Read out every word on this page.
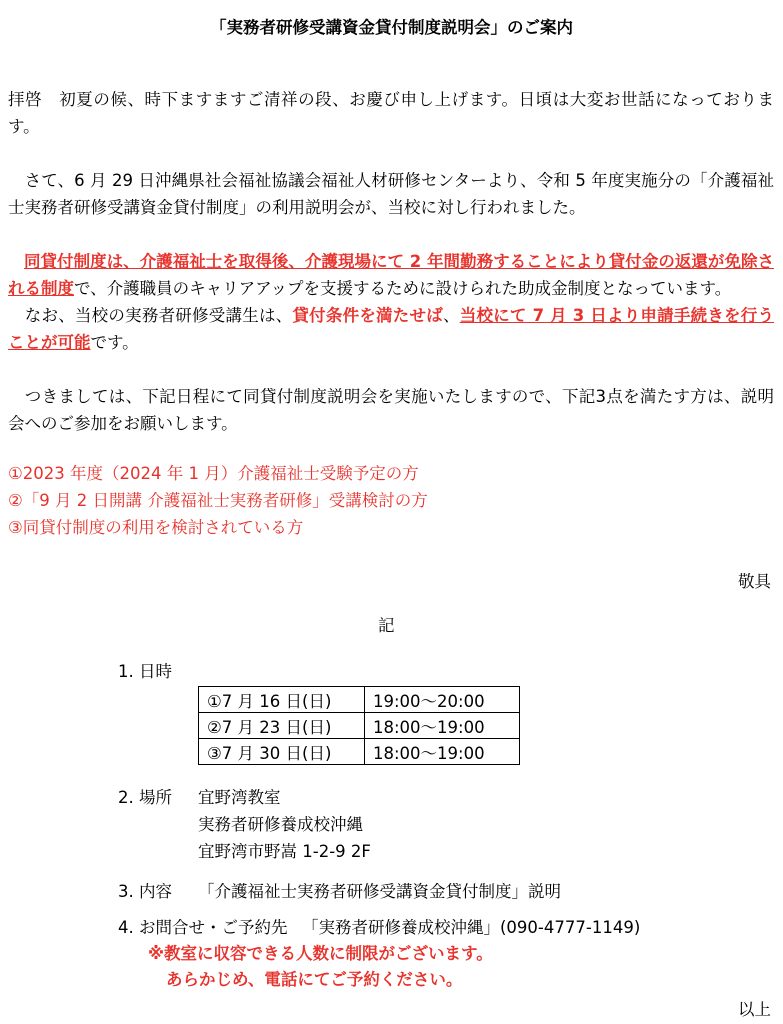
「実務者研修受講資金貸付制度説明会」のご案内

拝啓　初夏の候、時下ますますご清祥の段、お慶び申し上げます。日頃は大変お世話になっております。

　さて、6 月 29 日沖縄県社会福祉協議会福祉人材研修センターより、令和 5 年度実施分の「介護福祉士実務者研修受講資金貸付制度」の利用説明会が、当校に対し行われました。

同貸付制度は、介護福祉士を取得後、介護現場にて 2 年間勤務することにより貸付金の返還が免除される制度で、介護職員のキャリアアップを支援するために設けられた助成金制度となっています。

　なお、当校の実務者研修受講生は、貸付条件を満たせば、当校にて 7 月 3 日より申請手続きを行うことが可能です。

　つきましては、下記日程にて同貸付制度説明会を実施いたしますので、下記3点を満たす方は、説明会へのご参加をお願いします。

①2023 年度（2024 年 1 月）介護福祉士受験予定の方
②「9 月 2 日開講 介護福祉士実務者研修」受講検討の方
③同貸付制度の利用を検討されている方
敬具
記
1. 日時
①7 月 16 日(日)	19:00〜20:00
②7 月 23 日(日)	18:00〜19:00
③7 月 30 日(日)	18:00〜19:00
2. 場所 宜野湾教室
実務者研修養成校沖縄
宜野湾市野嵩 1-2-9 2F
3. 内容 「介護福祉士実務者研修受講資金貸付制度」説明
4. お問合せ・ご予約先 「実務者研修養成校沖縄」(090-4777-1149)
※教室に収容できる人数に制限がございます。
あらかじめ、電話にてご予約ください。
以上
